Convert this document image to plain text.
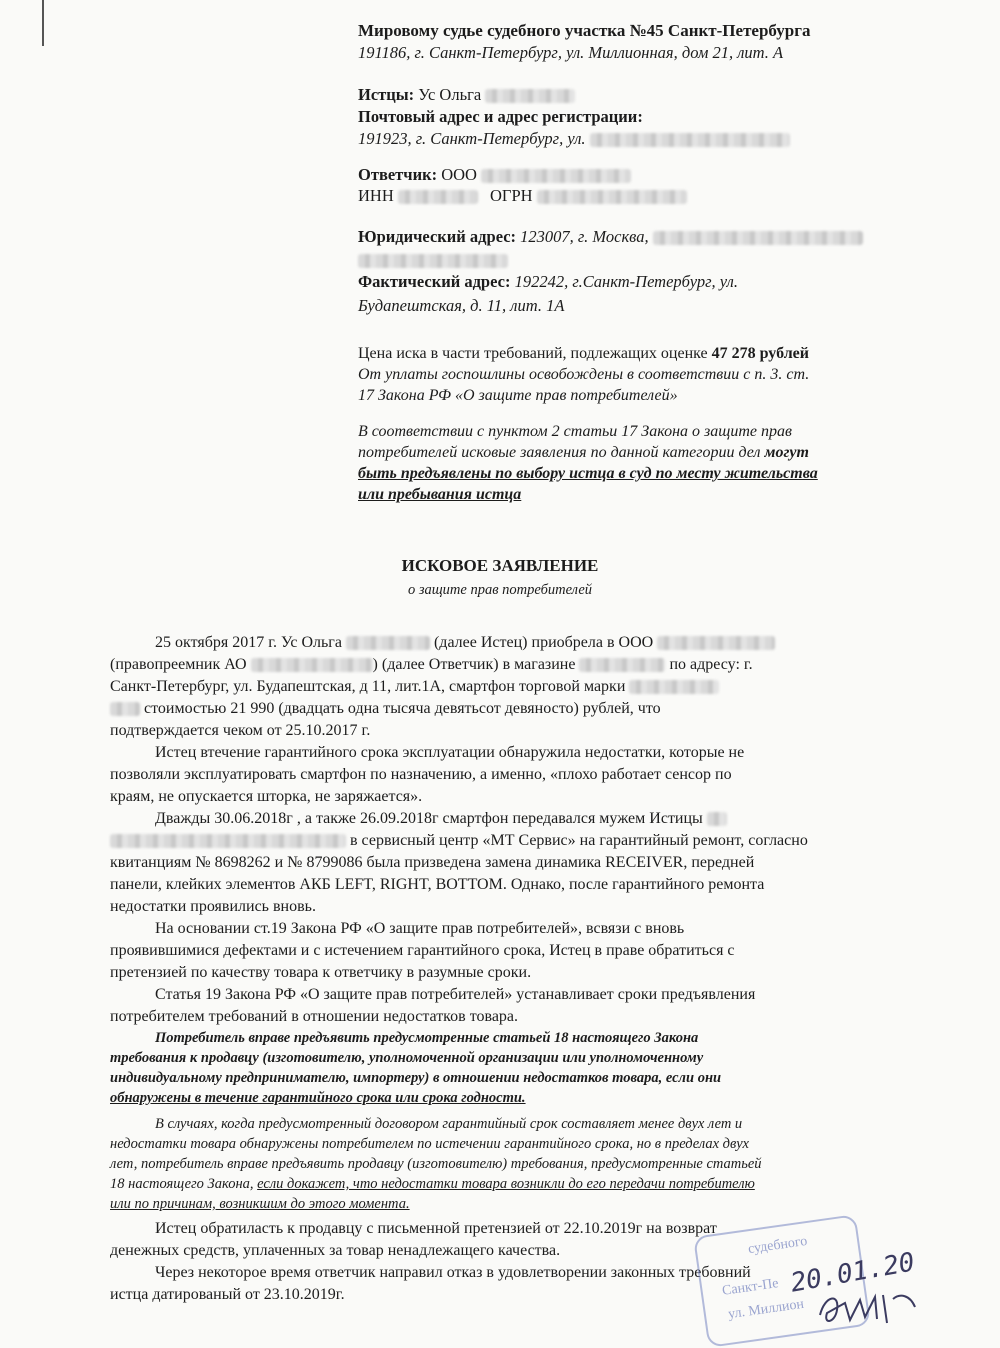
Мировому судье судебного участка №45 Санкт-Петербурга
191186, г. Санкт-Петербург, ул. Миллионная, дом 21, лит. А
Истцы: Ус Ольга
Почтовый адрес и адрес регистрации:
191923, г. Санкт-Петербург, ул.
Ответчик: ООО
ИНН	ОГРН
Юридический адрес: 123007, г. Москва,
Фактический адрес: 192242, г.Санкт-Петербург, ул.
Будапештская, д. 11, лит. 1А
Цена иска в части требований, подлежащих оценке 47 278 рублей
От уплаты госпошлины освобождены в соответствии с п. 3. ст.
17 Закона РФ «О защите прав потребителей»
В соответствии с пунктом 2 статьи 17 Закона о защите прав
потребителей исковые заявления по данной категории дел могут
быть предъявлены по выбору истца в суд по месту жительства
или пребывания истца
ИСКОВОЕ ЗАЯВЛЕНИЕ
о защите прав потребителей
25 октября 2017 г. Ус Ольга	(далее Истец) приобрела в ООО
(правопреемник АО	) (далее Ответчик) в магазине	по адресу: г.
Санкт-Петербург, ул. Будапештская, д 11, лит.1А, смартфон торговой марки
стоимостью 21 990 (двадцать одна тысяча девятьсот девяносто) рублей, что
подтверждается чеком от 25.10.2017 г.
Истец втечение гарантийного срока эксплуатации обнаружила недостатки, которые не
позволяли эксплуатировать смартфон по назначению, а именно, «плохо работает сенсор по
краям, не опускается шторка, не заряжается».
Дважды 30.06.2018г , а также 26.09.2018г смартфон передавался мужем Истицы
в сервисный центр «МТ Сервис» на гарантийный ремонт, согласно
квитанциям № 8698262 и № 8799086 была призведена замена динамика RECEIVER, передней
панели, клейких элементов АКБ LEFT, RIGHT, BOTTOM. Однако, после гарантийного ремонта
недостатки проявились вновь.
На основании ст.19 Закона РФ «О защите прав потребителей», всвязи с вновь
проявившимися дефектами и с истечением гарантийного срока, Истец в праве обратиться с
претензией по качеству товара к ответчику в разумные сроки.
Статья 19 Закона РФ «О защите прав потребителей» устанавливает сроки предъявления
потребителем требований в отношении недостатков товара.
Потребитель вправе предъявить предусмотренные статьей 18 настоящего Закона
требования к продавцу (изготовителю, уполномоченной организации или уполномоченному
индивидуальному предпринимателю, импортеру) в отношении недостатков товара, если они
обнаружены в течение гарантийного срока или срока годности.
В случаях, когда предусмотренный договором гарантийный срок составляет менее двух лет и
недостатки товара обнаружены потребителем по истечении гарантийного срока, но в пределах двух
лет, потребитель вправе предъявить продавцу (изготовителю) требования, предусмотренные статьей
18 настоящего Закона, если докажет, что недостатки товара возникли до его передачи потребителю
или по причинам, возникшим до этого момента.
Истец обратиласть к продавцу с письменной претензией от 22.10.2019г на возврат
денежных средств, уплаченных за товар ненадлежащего качества.
Через некоторое время ответчик направил отказ в удовлетворении законных требовний
истца датированый от 23.10.2019г.
судебного
Санкт-Пе
ул. Миллион
20.01.20
